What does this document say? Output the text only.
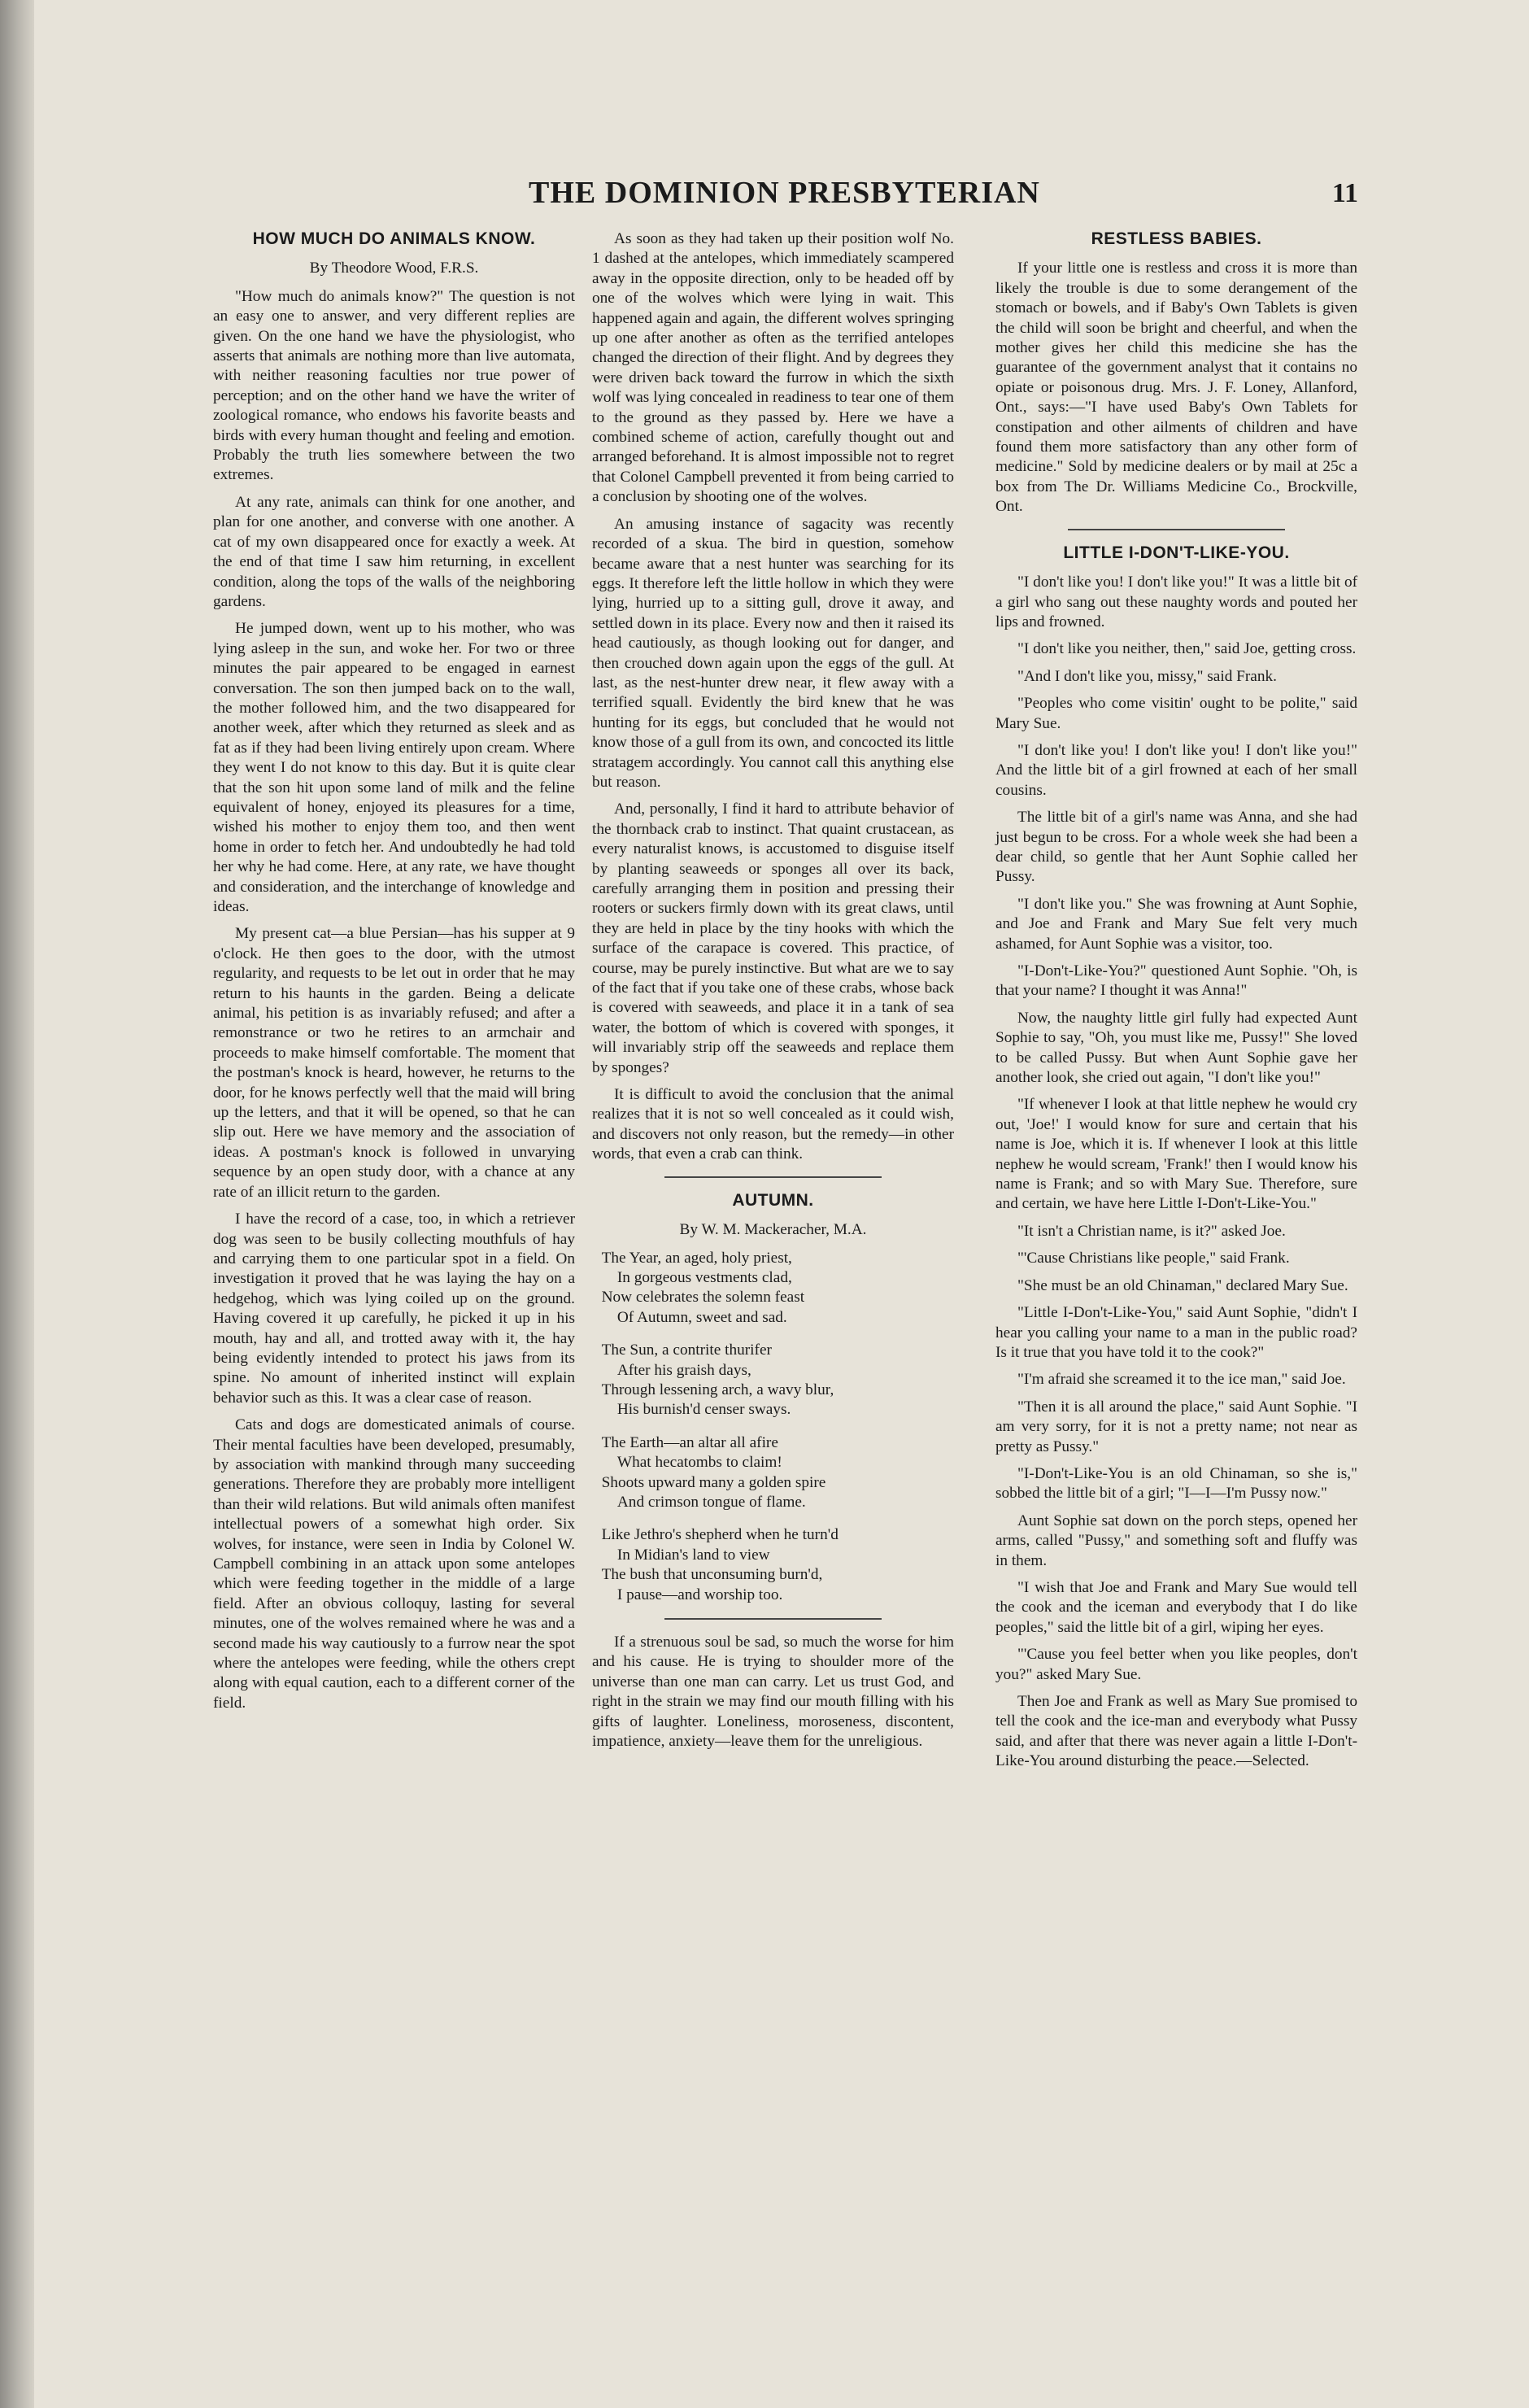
THE DOMINION PRESBYTERIAN	11
HOW MUCH DO ANIMALS KNOW.

By Theodore Wood, F.R.S.

"How much do animals know?" The question is not an easy one to answer, and very different replies are given. On the one hand we have the physiologist, who asserts that animals are nothing more than live automata, with neither reasoning faculties nor true power of perception; and on the other hand we have the writer of zoological romance, who endows his favorite beasts and birds with every human thought and feeling and emotion. Probably the truth lies somewhere between the two extremes.

At any rate, animals can think for one another, and plan for one another, and converse with one another. A cat of my own disappeared once for exactly a week. At the end of that time I saw him returning, in excellent condition, along the tops of the walls of the neighboring gardens.

He jumped down, went up to his mother, who was lying asleep in the sun, and woke her. For two or three minutes the pair appeared to be engaged in earnest conversation. The son then jumped back on to the wall, the mother followed him, and the two disappeared for another week, after which they returned as sleek and as fat as if they had been living entirely upon cream. Where they went I do not know to this day. But it is quite clear that the son hit upon some land of milk and the feline equivalent of honey, enjoyed its pleasures for a time, wished his mother to enjoy them too, and then went home in order to fetch her. And undoubtedly he had told her why he had come. Here, at any rate, we have thought and consideration, and the interchange of knowledge and ideas.

My present cat—a blue Persian—has his supper at 9 o'clock. He then goes to the door, with the utmost regularity, and requests to be let out in order that he may return to his haunts in the garden. Being a delicate animal, his petition is as invariably refused; and after a remonstrance or two he retires to an armchair and proceeds to make himself comfortable. The moment that the postman's knock is heard, however, he returns to the door, for he knows perfectly well that the maid will bring up the letters, and that it will be opened, so that he can slip out. Here we have memory and the association of ideas. A postman's knock is followed in unvarying sequence by an open study door, with a chance at any rate of an illicit return to the garden.

I have the record of a case, too, in which a retriever dog was seen to be busily collecting mouthfuls of hay and carrying them to one particular spot in a field. On investigation it proved that he was laying the hay on a hedgehog, which was lying coiled up on the ground. Having covered it up carefully, he picked it up in his mouth, hay and all, and trotted away with it, the hay being evidently intended to protect his jaws from its spine. No amount of inherited instinct will explain behavior such as this. It was a clear case of reason.

Cats and dogs are domesticated animals of course. Their mental faculties have been developed, presumably, by association with mankind through many succeeding generations. Therefore they are probably more intelligent than their wild relations. But wild animals often manifest intellectual powers of a somewhat high order. Six wolves, for instance, were seen in India by Colonel W. Campbell combining in an attack upon some antelopes which were feeding together in the middle of a large field. After an obvious colloquy, lasting for several minutes, one of the wolves remained where he was and a second made his way cautiously to a furrow near the spot where the antelopes were feeding, while the others crept along with equal caution, each to a different corner of the field.

As soon as they had taken up their position wolf No. 1 dashed at the antelopes, which immediately scampered away in the opposite direction, only to be headed off by one of the wolves which were lying in wait. This happened again and again, the different wolves springing up one after another as often as the terrified antelopes changed the direction of their flight. And by degrees they were driven back toward the furrow in which the sixth wolf was lying concealed in readiness to tear one of them to the ground as they passed by. Here we have a combined scheme of action, carefully thought out and arranged beforehand. It is almost impossible not to regret that Colonel Campbell prevented it from being carried to a conclusion by shooting one of the wolves.

An amusing instance of sagacity was recently recorded of a skua. The bird in question, somehow became aware that a nest hunter was searching for its eggs. It therefore left the little hollow in which they were lying, hurried up to a sitting gull, drove it away, and settled down in its place. Every now and then it raised its head cautiously, as though looking out for danger, and then crouched down again upon the eggs of the gull. At last, as the nest-hunter drew near, it flew away with a terrified squall. Evidently the bird knew that he was hunting for its eggs, but concluded that he would not know those of a gull from its own, and concocted its little stratagem accordingly. You cannot call this anything else but reason.

And, personally, I find it hard to attribute behavior of the thornback crab to instinct. That quaint crustacean, as every naturalist knows, is accustomed to disguise itself by planting seaweeds or sponges all over its back, carefully arranging them in position and pressing their rooters or suckers firmly down with its great claws, until they are held in place by the tiny hooks with which the surface of the carapace is covered. This practice, of course, may be purely instinctive. But what are we to say of the fact that if you take one of these crabs, whose back is covered with seaweeds, and place it in a tank of sea water, the bottom of which is covered with sponges, it will invariably strip off the seaweeds and replace them by sponges?

It is difficult to avoid the conclusion that the animal realizes that it is not so well concealed as it could wish, and discovers not only reason, but the remedy—in other words, that even a crab can think.

AUTUMN.

By W. M. Mackeracher, M.A.

The Year, an aged, holy priest,
In gorgeous vestments clad,
Now celebrates the solemn feast
Of Autumn, sweet and sad.
The Sun, a contrite thurifer
After his graish days,
Through lessening arch, a wavy blur,
His burnish'd censer sways.
The Earth—an altar all afire
What hecatombs to claim!
Shoots upward many a golden spire
And crimson tongue of flame.
Like Jethro's shepherd when he turn'd
In Midian's land to view
The bush that unconsuming burn'd,
I pause—and worship too.

If a strenuous soul be sad, so much the worse for him and his cause. He is trying to shoulder more of the universe than one man can carry. Let us trust God, and right in the strain we may find our mouth filling with his gifts of laughter. Loneliness, moroseness, discontent, impatience, anxiety—leave them for the unreligious.

RESTLESS BABIES.

If your little one is restless and cross it is more than likely the trouble is due to some derangement of the stomach or bowels, and if Baby's Own Tablets is given the child will soon be bright and cheerful, and when the mother gives her child this medicine she has the guarantee of the government analyst that it contains no opiate or poisonous drug. Mrs. J. F. Loney, Allanford, Ont., says:—"I have used Baby's Own Tablets for constipation and other ailments of children and have found them more satisfactory than any other form of medicine." Sold by medicine dealers or by mail at 25c a box from The Dr. Williams Medicine Co., Brockville, Ont.

LITTLE I-DON'T-LIKE-YOU.

"I don't like you! I don't like you!" It was a little bit of a girl who sang out these naughty words and pouted her lips and frowned.

"I don't like you neither, then," said Joe, getting cross.

"And I don't like you, missy," said Frank.

"Peoples who come visitin' ought to be polite," said Mary Sue.

"I don't like you! I don't like you! I don't like you!" And the little bit of a girl frowned at each of her small cousins.

The little bit of a girl's name was Anna, and she had just begun to be cross. For a whole week she had been a dear child, so gentle that her Aunt Sophie called her Pussy.

"I don't like you." She was frowning at Aunt Sophie, and Joe and Frank and Mary Sue felt very much ashamed, for Aunt Sophie was a visitor, too.

"I-Don't-Like-You?" questioned Aunt Sophie. "Oh, is that your name? I thought it was Anna!"

Now, the naughty little girl fully had expected Aunt Sophie to say, "Oh, you must like me, Pussy!" She loved to be called Pussy. But when Aunt Sophie gave her another look, she cried out again, "I don't like you!"

"If whenever I look at that little nephew he would cry out, 'Joe!' I would know for sure and certain that his name is Joe, which it is. If whenever I look at this little nephew he would scream, 'Frank!' then I would know his name is Frank; and so with Mary Sue. Therefore, sure and certain, we have here Little I-Don't-Like-You."

"It isn't a Christian name, is it?" asked Joe.

"'Cause Christians like people," said Frank.

"She must be an old Chinaman," declared Mary Sue.

"Little I-Don't-Like-You," said Aunt Sophie, "didn't I hear you calling your name to a man in the public road? Is it true that you have told it to the cook?"

"I'm afraid she screamed it to the ice man," said Joe.

"Then it is all around the place," said Aunt Sophie. "I am very sorry, for it is not a pretty name; not near as pretty as Pussy."

"I-Don't-Like-You is an old Chinaman, so she is," sobbed the little bit of a girl; "I—I—I'm Pussy now."

Aunt Sophie sat down on the porch steps, opened her arms, called "Pussy," and something soft and fluffy was in them.

"I wish that Joe and Frank and Mary Sue would tell the cook and the iceman and everybody that I do like peoples," said the little bit of a girl, wiping her eyes.

"'Cause you feel better when you like peoples, don't you?" asked Mary Sue.

Then Joe and Frank as well as Mary Sue promised to tell the cook and the ice-man and everybody what Pussy said, and after that there was never again a little I-Don't-Like-You around disturbing the peace.—Selected.
